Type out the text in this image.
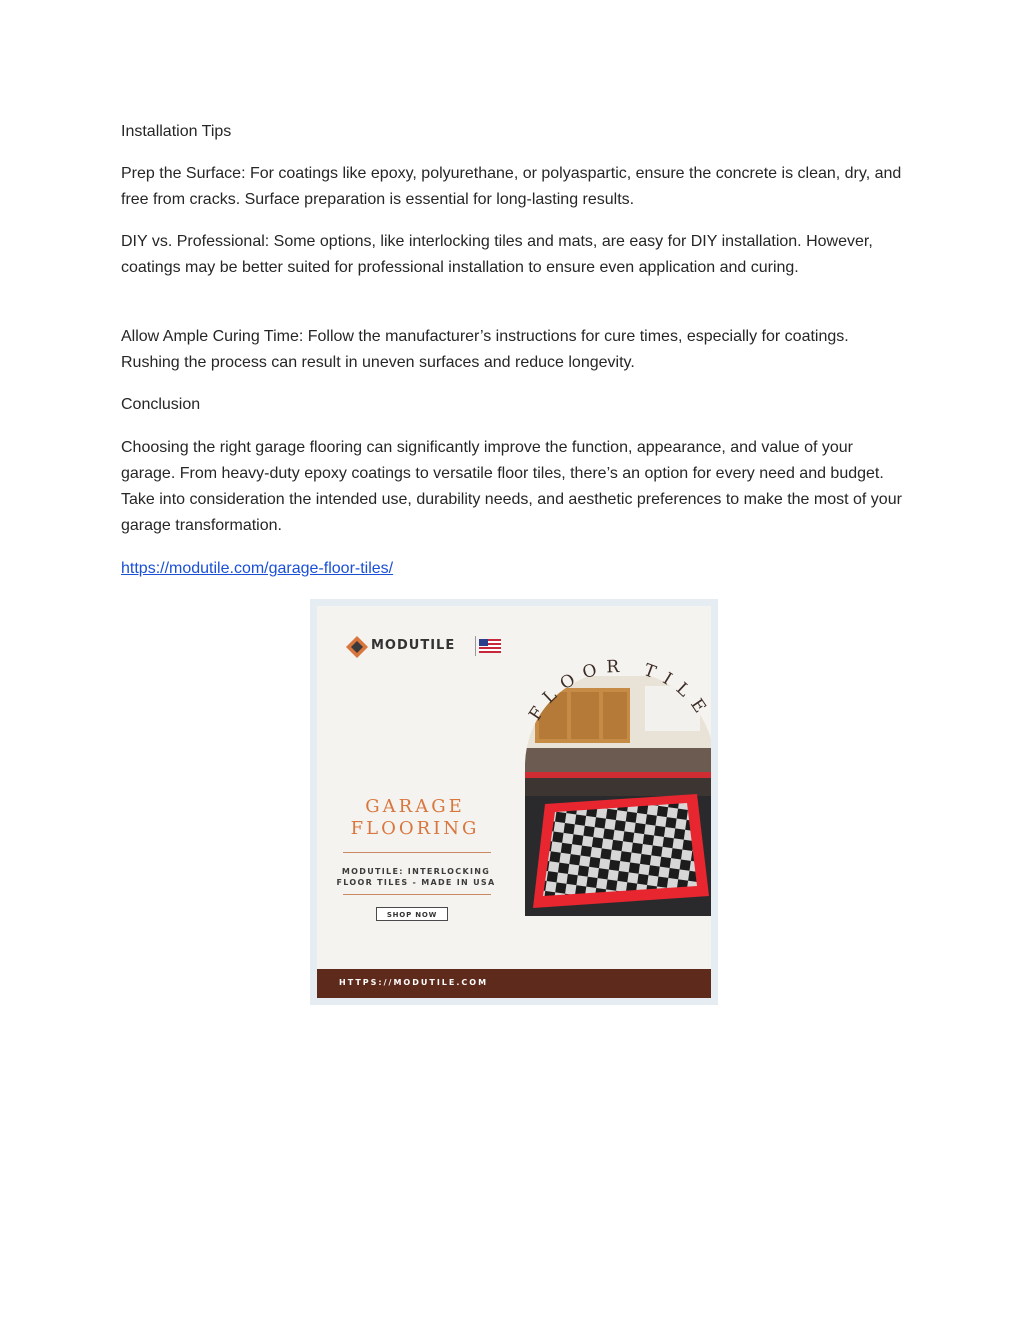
Installation Tips

Prep the Surface: For coatings like epoxy, polyurethane, or polyaspartic, ensure the concrete is clean, dry, and free from cracks. Surface preparation is essential for long-lasting results.

DIY vs. Professional: Some options, like interlocking tiles and mats, are easy for DIY installation. However, coatings may be better suited for professional installation to ensure even application and curing.

Allow Ample Curing Time: Follow the manufacturer’s instructions for cure times, especially for coatings. Rushing the process can result in uneven surfaces and reduce longevity.

Conclusion

Choosing the right garage flooring can significantly improve the function, appearance, and value of your garage. From heavy-duty epoxy coatings to versatile floor tiles, there’s an option for every need and budget. Take into consideration the intended use, durability needs, and aesthetic preferences to make the most of your garage transformation.

https://modutile.com/garage-floor-tiles/
MODUTILE
FLOOR TILE
GARAGE
FLOORING
MODUTILE: INTERLOCKING
FLOOR TILES - MADE IN USA
SHOP NOW
HTTPS://MODUTILE.COM
